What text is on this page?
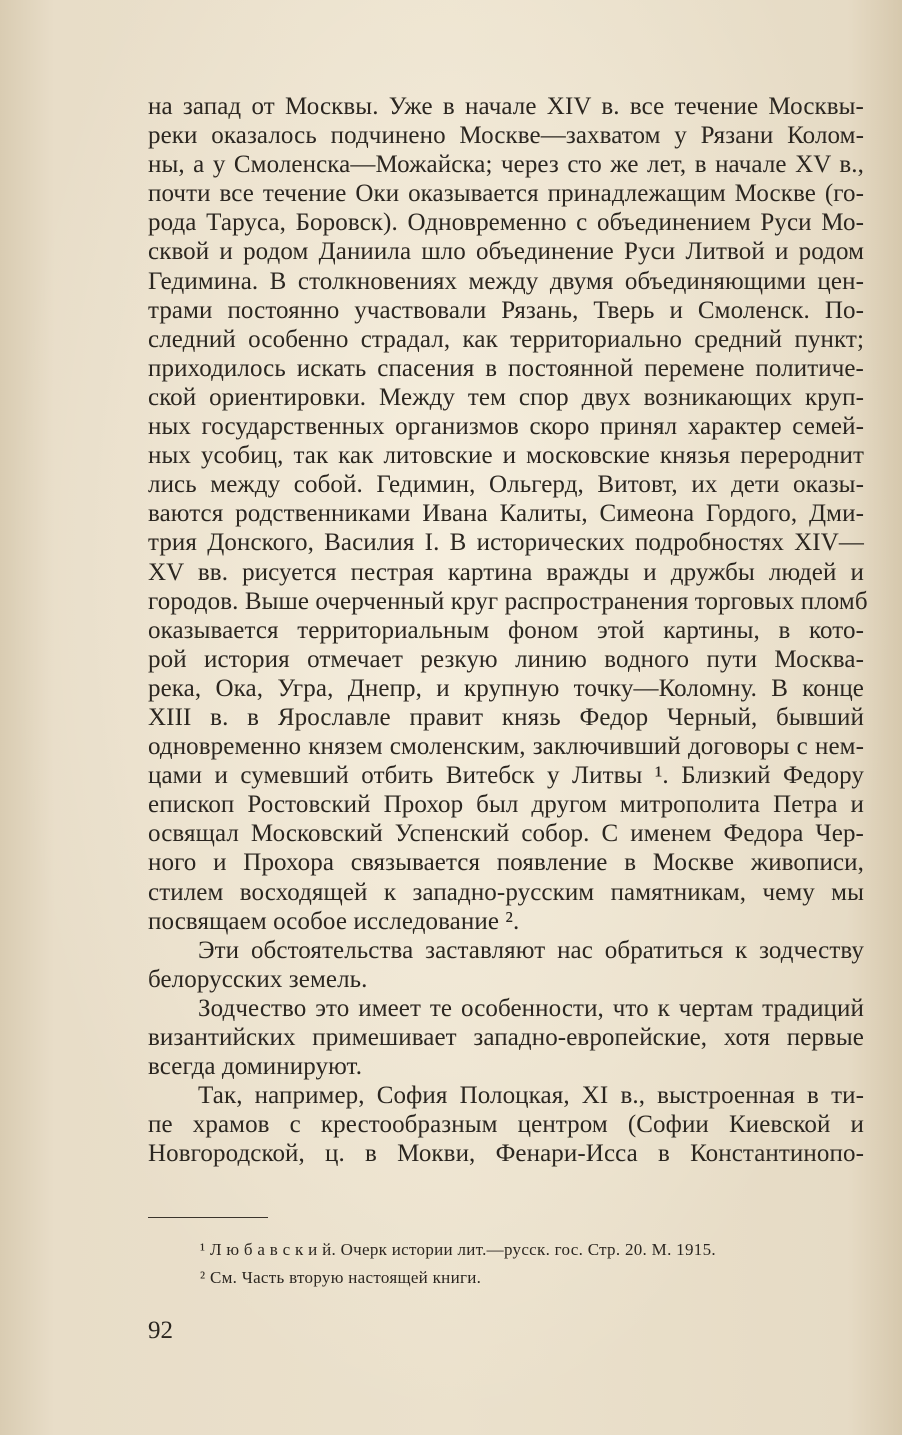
на запад от Москвы. Уже в начале XIV в. все течение Москвы-
реки оказалось подчинено Москве—захватом у Рязани Колом-
ны, а у Смоленска—Можайска; через сто же лет, в начале XV в.,
почти все течение Оки оказывается принадлежащим Москве (го-
рода Таруса, Боровск). Одновременно с объединением Руси Мо-
сквой и родом Даниила шло объединение Руси Литвой и родом
Гедимина. В столкновениях между двумя объединяющими цен-
трами постоянно участвовали Рязань, Тверь и Смоленск. По-
следний особенно страдал, как территориально средний пункт;
приходилось искать спасения в постоянной перемене политиче-
ской ориентировки. Между тем спор двух возникающих круп-
ных государственных организмов скоро принял характер семей-
ных усобиц, так как литовские и московские князья перероднит
лись между собой. Гедимин, Ольгерд, Витовт, их дети оказы-
ваются родственниками Ивана Калиты, Симеона Гордого, Дми-
трия Донского, Василия I. В исторических подробностях XIV—
XV вв. рисуется пестрая картина вражды и дружбы людей и
городов. Выше очерченный круг распространения торговых пломб
оказывается территориальным фоном этой картины, в кото-
рой история отмечает резкую линию водного пути Москва-
река, Ока, Угра, Днепр, и крупную точку—Коломну. В конце
XIII в. в Ярославле правит князь Федор Черный, бывший
одновременно князем смоленским, заключивший договоры с нем-
цами и сумевший отбить Витебск у Литвы ¹. Близкий Федору
епископ Ростовский Прохор был другом митрополита Петра и
освящал Московский Успенский собор. С именем Федора Чер-
ного и Прохора связывается появление в Москве живописи,
стилем восходящей к западно-русским памятникам, чему мы
посвящаем особое исследование ².
Эти обстоятельства заставляют нас обратиться к зодчеству
белорусских земель.
Зодчество это имеет те особенности, что к чертам традиций
византийских примешивает западно-европейские, хотя первые
всегда доминируют.
Так, например, София Полоцкая, XI в., выстроенная в ти-
пе храмов с крестообразным центром (Софии Киевской и
Новгородской, ц. в Мокви, Фенари-Исса в Константинопо-
¹ Л ю б а в с к и й. Очерк истории лит.—русск. гос. Стр. 20. М. 1915.
² См. Часть вторую настоящей книги.
92
